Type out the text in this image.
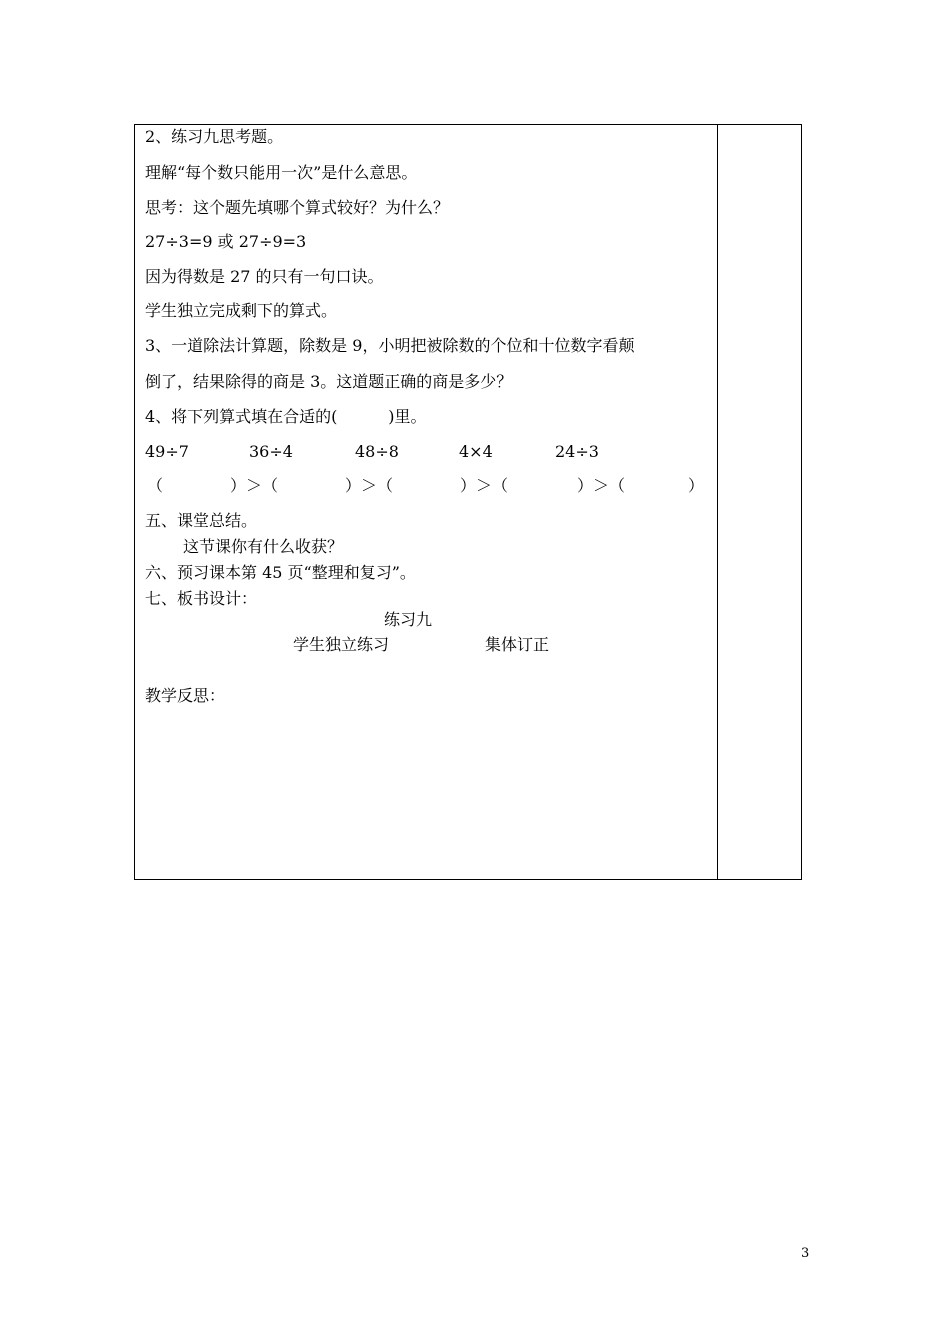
2、练习九思考题。
理解“每个数只能用一次”是什么意思。
思考：这个题先填哪个算式较好？为什么？
27÷3=9 或 27÷9=3
因为得数是 27 的只有一句口诀。
学生独立完成剩下的算式。
3、一道除法计算题，除数是 9，小明把被除数的个位和十位数字看颠
倒了，结果除得的商是 3。这道题正确的商是多少？
4、将下列算式填在合适的(          )里。
49÷7	36÷4	48÷8	4×4	24÷3
（	）＞（	）＞（	）＞（	）＞（	）
五、课堂总结。
这节课你有什么收获？
六、预习课本第 45 页“整理和复习”。
七、板书设计：
练习九
学生独立练习	集体订正
教学反思：
3
